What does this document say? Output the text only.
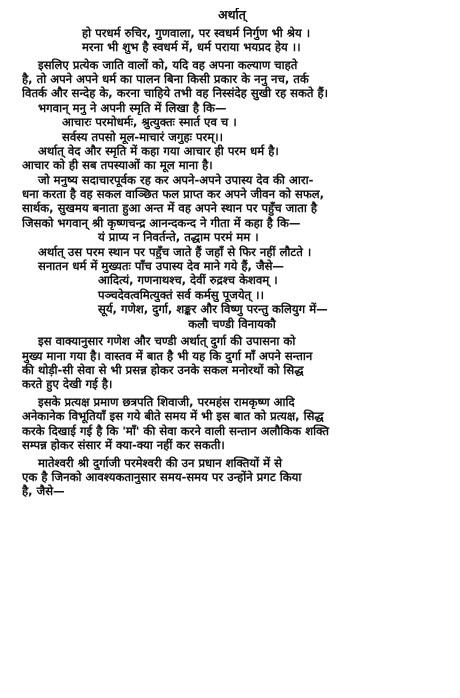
अर्थात्
हो परधर्म रुचिर, गुणवाला, पर स्वधर्म निर्गुण भी श्रेय ।
मरना भी शुभ है स्वधर्म में, धर्म पराया भयप्रद हेय ।।
इसलिए प्रत्येक जाति वालों को, यदि वह अपना कल्याण चाहते
है, तो अपने अपने धर्म का पालन बिना किसी प्रकार के ननु नच, तर्क
वितर्क और सन्देह के, करना चाहिये तभी वह निस्संदेह सुखी रह सकते हैं।
भगवान् मनु ने अपनी स्मृति में लिखा है कि—
आचारः परमोधर्मः, श्रुत्युक्तः स्मार्त एव च ।
सर्वस्य तपसो मूल-माचारं जगुहः परम्।।
अर्थात् वेद और स्मृति में कहा गया आचार ही परम धर्म है।
आचार को ही सब तपस्याओं का मूल माना है।
जो मनुष्य सदाचारपूर्वक रह कर अपने-अपने उपास्य देव की आरा-
धना करता है वह सकल वाञ्छित फल प्राप्त कर अपने जीवन को सफल,
सार्थक, सुखमय बनाता हुआ अन्त में वह अपने स्थान पर पहुँच जाता है
जिसको भगवान् श्री कृष्णचन्द्र आनन्दकन्द ने गीता में कहा है कि—
यं प्राप्य न निवर्तन्ते, तद्धाम परमं मम ।
अर्थात् उस परम स्थान पर पहुँच जाते हैं जहाँ से फिर नहीं लौटते ।
सनातन धर्म में मुख्यतः पाँच उपास्य देव माने गये हैं, जैसे—
आदित्यं, गणनाथश्च, देवीं रुद्रश्च केशवम् ।
पञ्चदेवत्वमित्युक्तं सर्व कर्मसु पूजयेत् ।।
सूर्य, गणेश, दुर्गा, शङ्कर और विष्णु परन्तु कलियुग में—
कलौ चण्डी विनायकौ
इस वाक्यानुसार गणेश और चण्डी अर्थात् दुर्गा की उपासना को
मुख्य माना गया है। वास्तव में बात है भी यह कि दुर्गा माँ अपने सन्तान
की थोड़ी-सी सेवा से भी प्रसन्न होकर उनके सकल मनोरथों को सिद्ध
करते हुए देखी गई है।
इसके प्रत्यक्ष प्रमाण छत्रपति शिवाजी, परमहंस रामकृष्ण आदि
अनेकानेक विभूतियाँ इस गये बीते समय में भी इस बात को प्रत्यक्ष, सिद्ध
करके दिखाई गई है कि 'माँ' की सेवा करने वाली सन्तान अलौकिक शक्ति
सम्पन्न होकर संसार में क्या-क्या नहीं कर सकती।
मातेश्वरी श्री दुर्गाजी परमेश्वरी की उन प्रधान शक्तियों में से
एक है जिनको आवश्यकतानुसार समय-समय पर उन्होंने प्रगट किया
है, जैसे—
